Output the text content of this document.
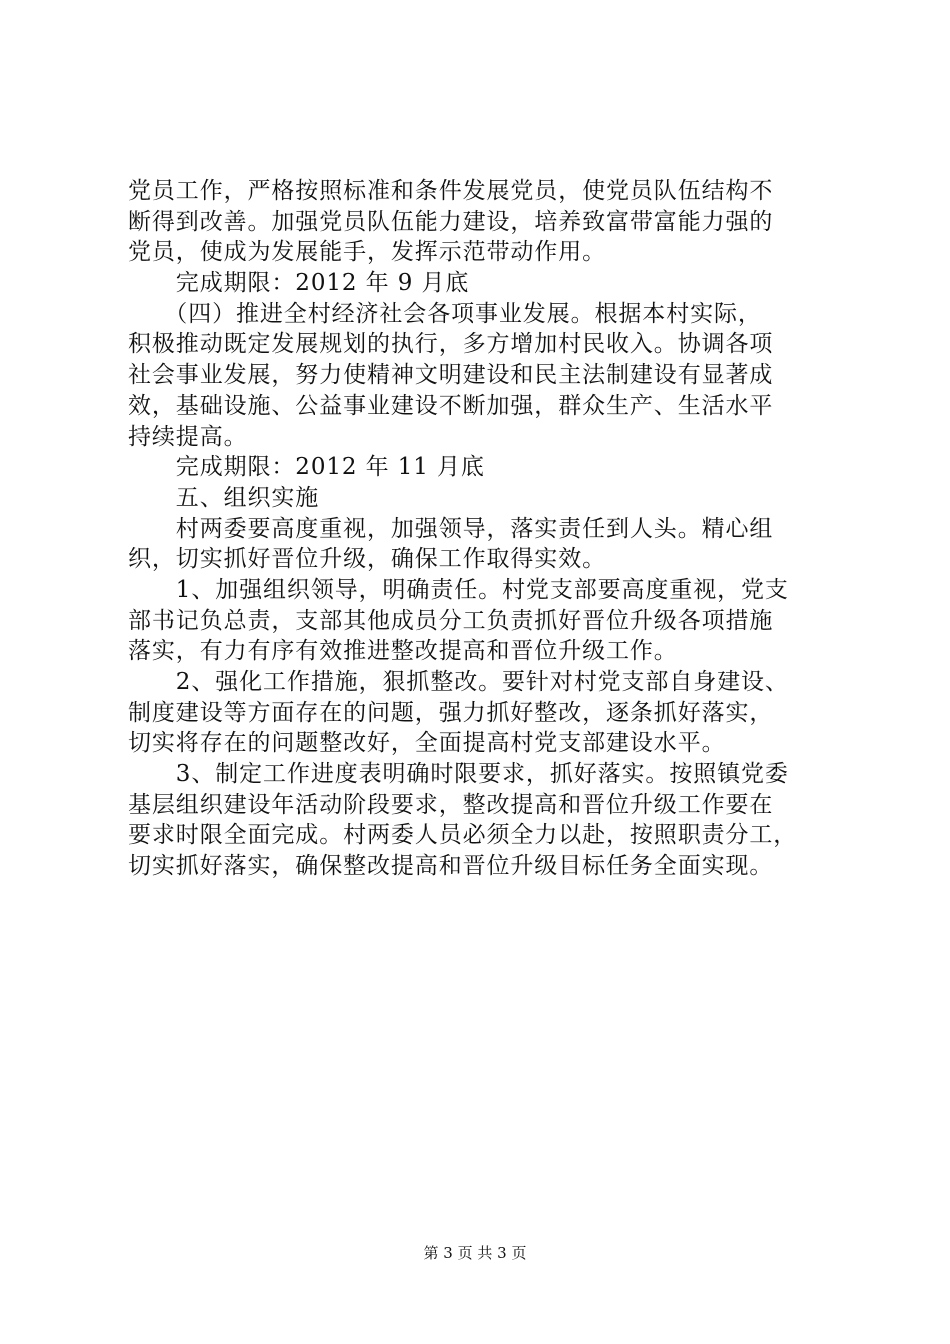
党员工作，严格按照标准和条件发展党员，使党员队伍结构不
断得到改善。加强党员队伍能力建设，培养致富带富能力强的
党员，使成为发展能手，发挥示范带动作用。
　　完成期限：2012 年 9 月底
　　（四）推进全村经济社会各项事业发展。根据本村实际，
积极推动既定发展规划的执行，多方增加村民收入。协调各项
社会事业发展，努力使精神文明建设和民主法制建设有显著成
效，基础设施、公益事业建设不断加强，群众生产、生活水平
持续提高。
　　完成期限：2012 年 11 月底
　　五、组织实施
　　村两委要高度重视，加强领导，落实责任到人头。精心组
织，切实抓好晋位升级，确保工作取得实效。
　　1、加强组织领导，明确责任。村党支部要高度重视，党支
部书记负总责，支部其他成员分工负责抓好晋位升级各项措施
落实，有力有序有效推进整改提高和晋位升级工作。
　　2、强化工作措施，狠抓整改。要针对村党支部自身建设、
制度建设等方面存在的问题，强力抓好整改，逐条抓好落实，
切实将存在的问题整改好，全面提高村党支部建设水平。
　　3、制定工作进度表明确时限要求，抓好落实。按照镇党委
基层组织建设年活动阶段要求，整改提高和晋位升级工作要在
要求时限全面完成。村两委人员必须全力以赴，按照职责分工，
切实抓好落实，确保整改提高和晋位升级目标任务全面实现。
第 3 页 共 3 页
